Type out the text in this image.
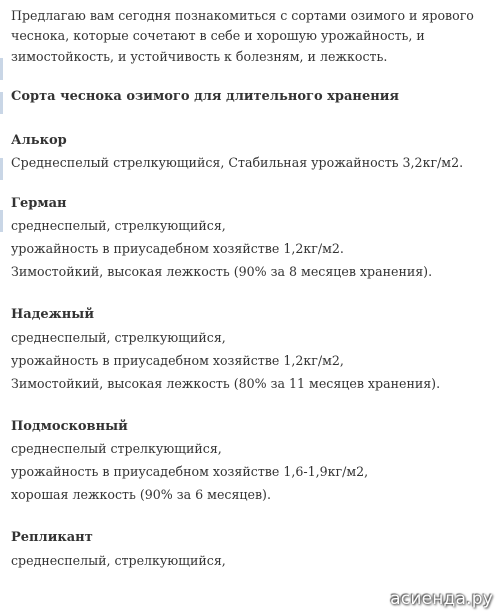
Предлагаю вам сегодня познакомиться с сортами озимого и ярового
чеснока, которые сочетают в себе и хорошую урожайность, и
зимостойкость, и устойчивость к болезням, и лежкость.

Сорта чеснока озимого для длительного хранения

Алькор
Среднеспелый стрелкующийся, Стабильная урожайность 3,2кг/м2.
Герман
среднеспелый, стрелкующийся,
урожайность в приусадебном хозяйстве 1,2кг/м2.
Зимостойкий, высокая лежкость (90% за 8 месяцев хранения).
Надежный
среднеспелый, стрелкующийся,
урожайность в приусадебном хозяйстве 1,2кг/м2,
Зимостойкий, высокая лежкость (80% за 11 месяцев хранения).
Подмосковный
среднеспелый стрелкующийся,
урожайность в приусадебном хозяйстве 1,6-1,9кг/м2,
хорошая лежкость (90% за 6 месяцев).
Репликант
среднеспелый, стрелкующийся,
асиенда.ру
